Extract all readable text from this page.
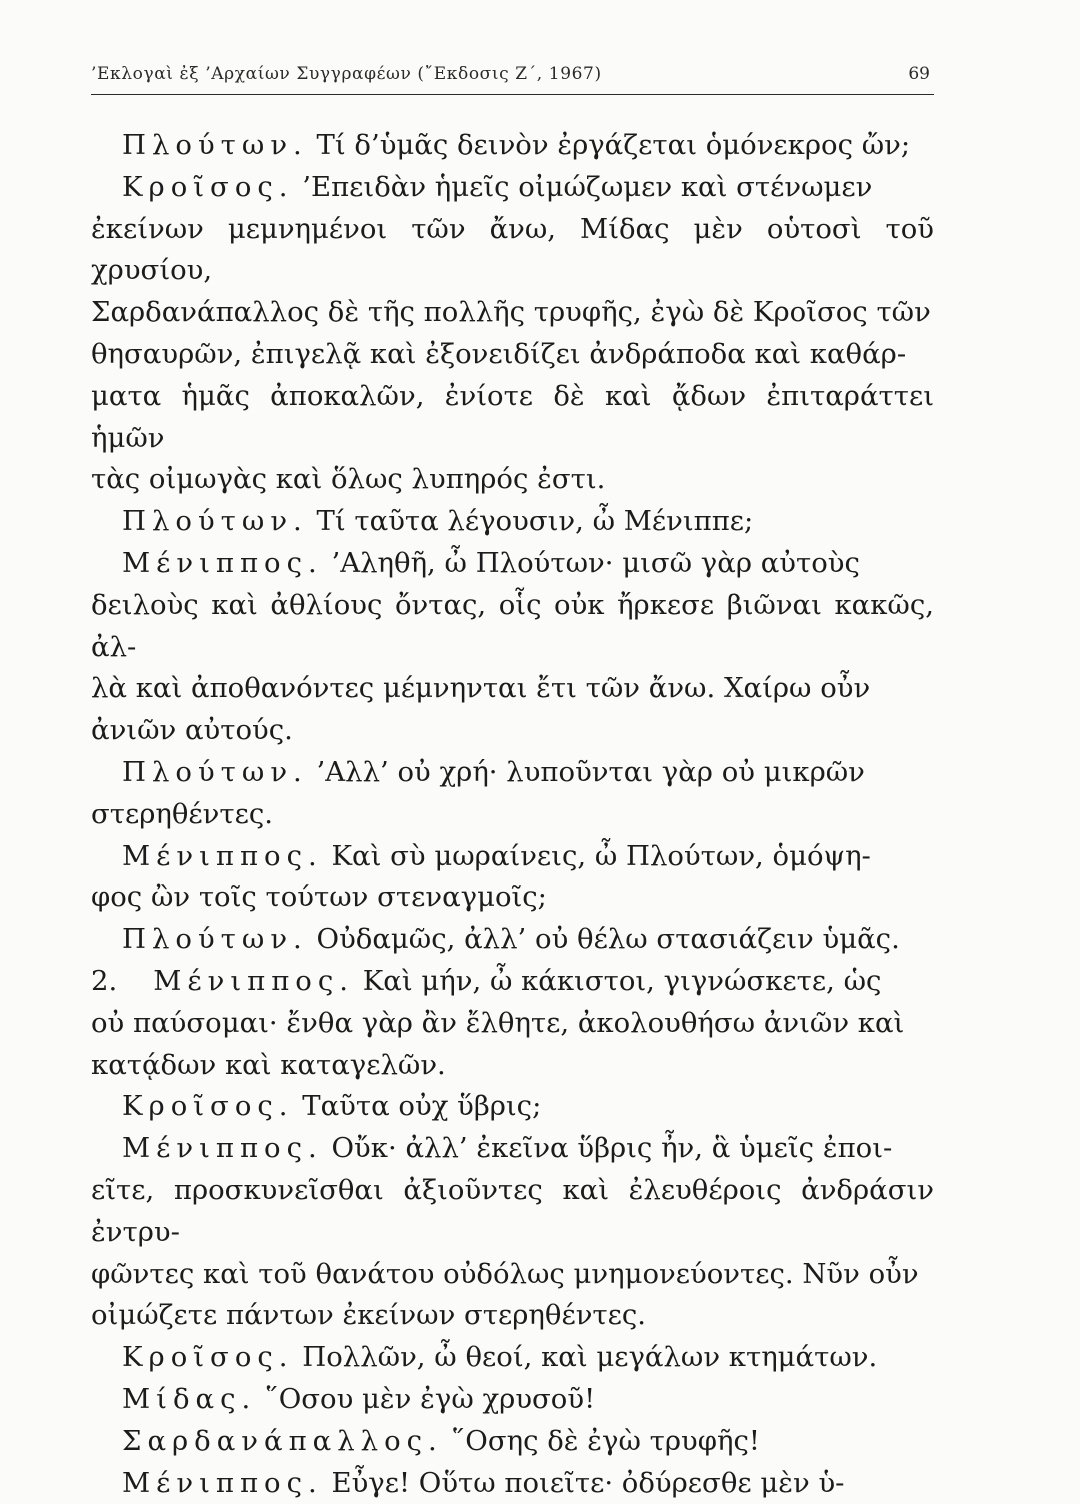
’Εκλογαὶ ἐξ ’Αρχαίων Συγγραφέων (῎Εκδοσις Ζ΄, 1967)	69

Πλούτων. Τί δ’ὑμᾶς δεινὸν ἐργάζεται ὁμόνεκρος ὤν;

Κροῖσος. ’Επειδὰν ἡμεῖς οἰμώζωμεν καὶ στένωμεν

ἐκείνων μεμνημένοι τῶν ἄνω, Μίδας μὲν οὑτοσὶ τοῦ χρυσίου,

Σαρδανάπαλλος δὲ τῆς πολλῆς τρυφῆς, ἐγὼ δὲ Κροῖσος τῶν

θησαυρῶν, ἐπιγελᾷ καὶ ἐξονειδίζει ἀνδράποδα καὶ καθάρ-

ματα ἡμᾶς ἀποκαλῶν, ἐνίοτε δὲ καὶ ᾄδων ἐπιταράττει ἡμῶν

τὰς οἰμωγὰς καὶ ὅλως λυπηρός ἐστι.

Πλούτων. Τί ταῦτα λέγουσιν, ὦ Μένιππε;

Μένιππος. ’Αληθῆ, ὦ Πλούτων· μισῶ γὰρ αὐτοὺς

δειλοὺς καὶ ἀθλίους ὄντας, οἷς οὐκ ἤρκεσε βιῶναι κακῶς, ἀλ-

λὰ καὶ ἀποθανόντες μέμνηνται ἔτι τῶν ἄνω. Χαίρω οὖν

ἀνιῶν αὐτούς.

Πλούτων. ’Αλλ’ οὐ χρή· λυποῦνται γὰρ οὐ μικρῶν

στερηθέντες.

Μένιππος. Καὶ σὺ μωραίνεις, ὦ Πλούτων, ὁμόψη-

φος ὢν τοῖς τούτων στεναγμοῖς;

Πλούτων. Οὐδαμῶς, ἀλλ’ οὐ θέλω στασιάζειν ὑμᾶς.

2. Μένιππος. Καὶ μήν, ὦ κάκιστοι, γιγνώσκετε, ὡς

οὐ παύσομαι· ἔνθα γὰρ ἂν ἔλθητε, ἀκολουθήσω ἀνιῶν καὶ

κατᾴδων καὶ καταγελῶν.

Κροῖσος. Ταῦτα οὐχ ὕβρις;

Μένιππος. Οὔκ· ἀλλ’ ἐκεῖνα ὕβρις ἦν, ἃ ὑμεῖς ἐποι-

εῖτε, προσκυνεῖσθαι ἀξιοῦντες καὶ ἐλευθέροις ἀνδράσιν ἐντρυ-

φῶντες καὶ τοῦ θανάτου οὐδόλως μνημονεύοντες. Νῦν οὖν

οἰμώζετε πάντων ἐκείνων στερηθέντες.

Κροῖσος. Πολλῶν, ὦ θεοί, καὶ μεγάλων κτημάτων.

Μίδας. ῞Οσου μὲν ἐγὼ χρυσοῦ!

Σαρδανάπαλλος. ῞Οσης δὲ ἐγὼ τρυφῆς!

Μένιππος. Εὖγε! Οὕτω ποιεῖτε· ὀδύρεσθε μὲν ὑ-
